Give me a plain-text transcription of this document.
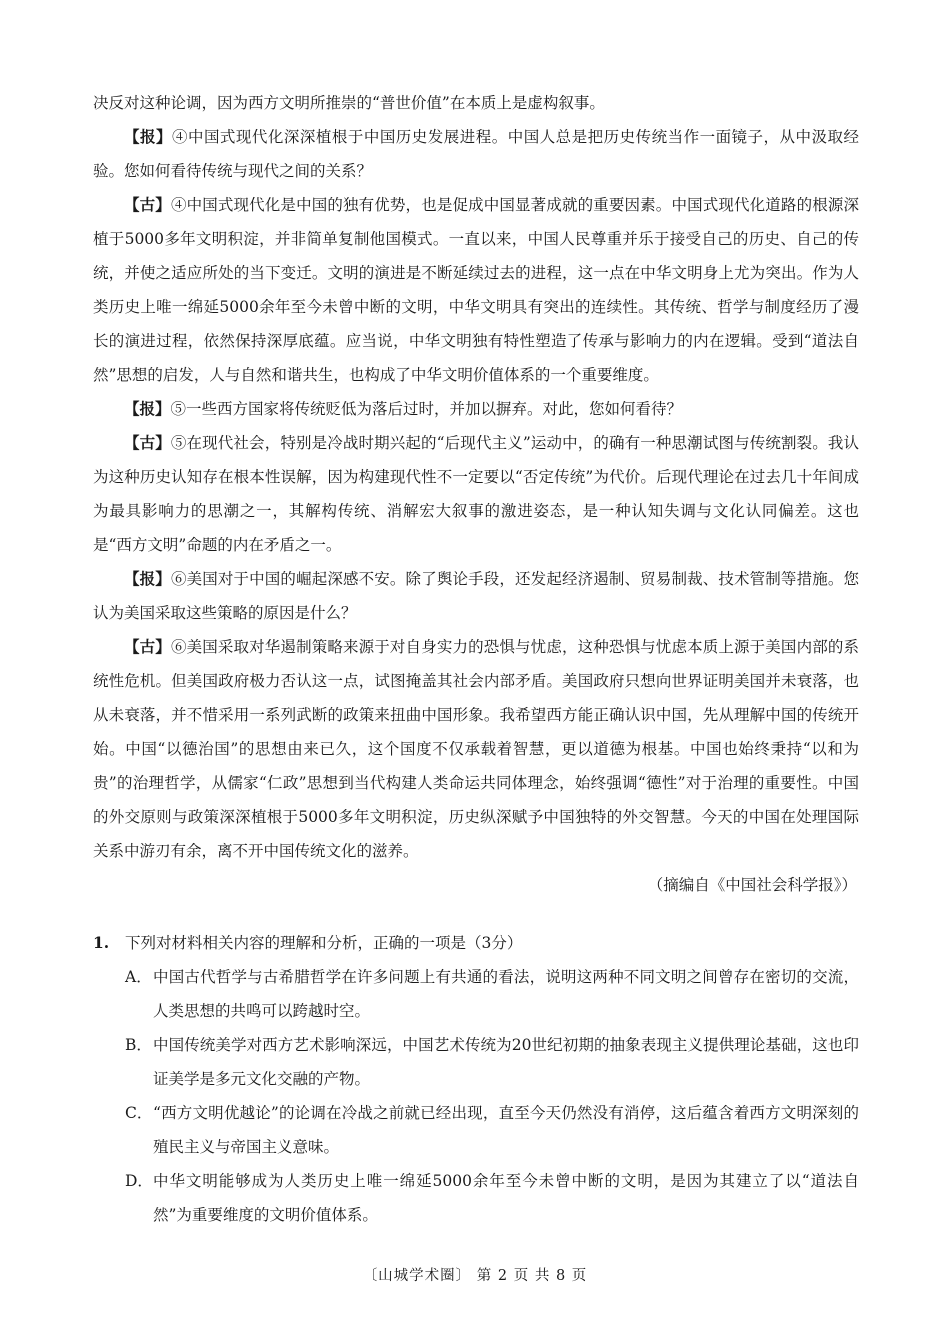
决反对这种论调，因为西方文明所推崇的“普世价值”在本质上是虚构叙事。

【报】④中国式现代化深深植根于中国历史发展进程。中国人总是把历史传统当作一面镜子，从中汲取经验。您如何看待传统与现代之间的关系？

【古】④中国式现代化是中国的独有优势，也是促成中国显著成就的重要因素。中国式现代化道路的根源深植于5000多年文明积淀，并非简单复制他国模式。一直以来，中国人民尊重并乐于接受自己的历史、自己的传统，并使之适应所处的当下变迁。文明的演进是不断延续过去的进程，这一点在中华文明身上尤为突出。作为人类历史上唯一绵延5000余年至今未曾中断的文明，中华文明具有突出的连续性。其传统、哲学与制度经历了漫长的演进过程，依然保持深厚底蕴。应当说，中华文明独有特性塑造了传承与影响力的内在逻辑。受到“道法自然”思想的启发，人与自然和谐共生，也构成了中华文明价值体系的一个重要维度。

【报】⑤一些西方国家将传统贬低为落后过时，并加以摒弃。对此，您如何看待？

【古】⑤在现代社会，特别是冷战时期兴起的“后现代主义”运动中，的确有一种思潮试图与传统割裂。我认为这种历史认知存在根本性误解，因为构建现代性不一定要以“否定传统”为代价。后现代理论在过去几十年间成为最具影响力的思潮之一，其解构传统、消解宏大叙事的激进姿态，是一种认知失调与文化认同偏差。这也是“西方文明”命题的内在矛盾之一。

【报】⑥美国对于中国的崛起深感不安。除了舆论手段，还发起经济遏制、贸易制裁、技术管制等措施。您认为美国采取这些策略的原因是什么？

【古】⑥美国采取对华遏制策略来源于对自身实力的恐惧与忧虑，这种恐惧与忧虑本质上源于美国内部的系统性危机。但美国政府极力否认这一点，试图掩盖其社会内部矛盾。美国政府只想向世界证明美国并未衰落，也从未衰落，并不惜采用一系列武断的政策来扭曲中国形象。我希望西方能正确认识中国，先从理解中国的传统开始。中国“以德治国”的思想由来已久，这个国度不仅承载着智慧，更以道德为根基。中国也始终秉持“以和为贵”的治理哲学，从儒家“仁政”思想到当代构建人类命运共同体理念，始终强调“德性”对于治理的重要性。中国的外交原则与政策深深植根于5000多年文明积淀，历史纵深赋予中国独特的外交智慧。今天的中国在处理国际关系中游刃有余，离不开中国传统文化的滋养。

（摘编自《中国社会科学报》）

1. 下列对材料相关内容的理解和分析，正确的一项是（3分）

A． 中国古代哲学与古希腊哲学在许多问题上有共通的看法，说明这两种不同文明之间曾存在密切的交流，人类思想的共鸣可以跨越时空。

B． 中国传统美学对西方艺术影响深远，中国艺术传统为20世纪初期的抽象表现主义提供理论基础，这也印证美学是多元文化交融的产物。

C． “西方文明优越论”的论调在冷战之前就已经出现，直至今天仍然没有消停，这后蕴含着西方文明深刻的殖民主义与帝国主义意味。

D． 中华文明能够成为人类历史上唯一绵延5000余年至今未曾中断的文明，是因为其建立了以“道法自然”为重要维度的文明价值体系。

〔山城学术圈〕 第 2 页 共 8 页
